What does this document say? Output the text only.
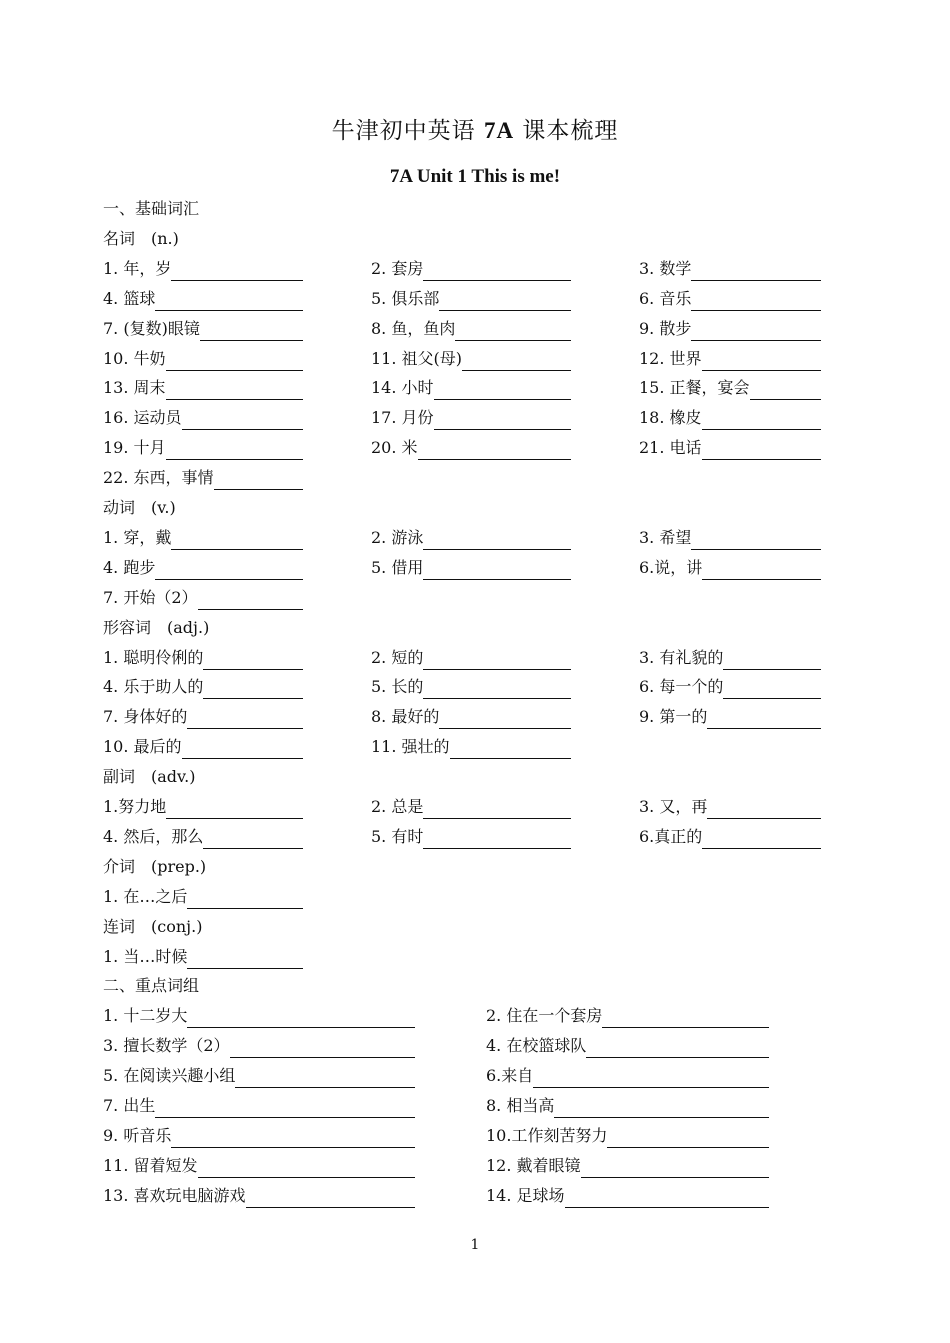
牛津初中英语 7A 课本梳理
7A Unit 1 This is me!
一、基础词汇
名词　(n.)
1. 年，岁	2. 套房	3. 数学
4. 篮球	5. 俱乐部	6. 音乐
7. (复数)眼镜	8. 鱼，鱼肉	9. 散步
10. 牛奶	11. 祖父(母)	12. 世界
13. 周末	14. 小时	15. 正餐，宴会
16. 运动员	17. 月份	18. 橡皮
19. 十月	20. 米	21. 电话
22. 东西，事情
动词　(v.)
1. 穿，戴	2. 游泳	3. 希望
4. 跑步	5. 借用	6.说，讲
7. 开始（2）
形容词　(adj.)
1. 聪明伶俐的	2. 短的	3. 有礼貌的
4. 乐于助人的	5. 长的	6. 每一个的
7. 身体好的	8. 最好的	9. 第一的
10. 最后的	11. 强壮的
副词　(adv.)
1.努力地	2. 总是	3. 又，再
4. 然后，那么	5. 有时	6.真正的
介词　(prep.)
1. 在…之后
连词　(conj.)
1. 当…时候
二、重点词组
1. 十二岁大	2. 住在一个套房
3. 擅长数学（2）	4. 在校篮球队
5. 在阅读兴趣小组	6.来自
7. 出生	8. 相当高
9. 听音乐	10.工作刻苦努力
11. 留着短发	12. 戴着眼镜
13. 喜欢玩电脑游戏	14. 足球场
1
